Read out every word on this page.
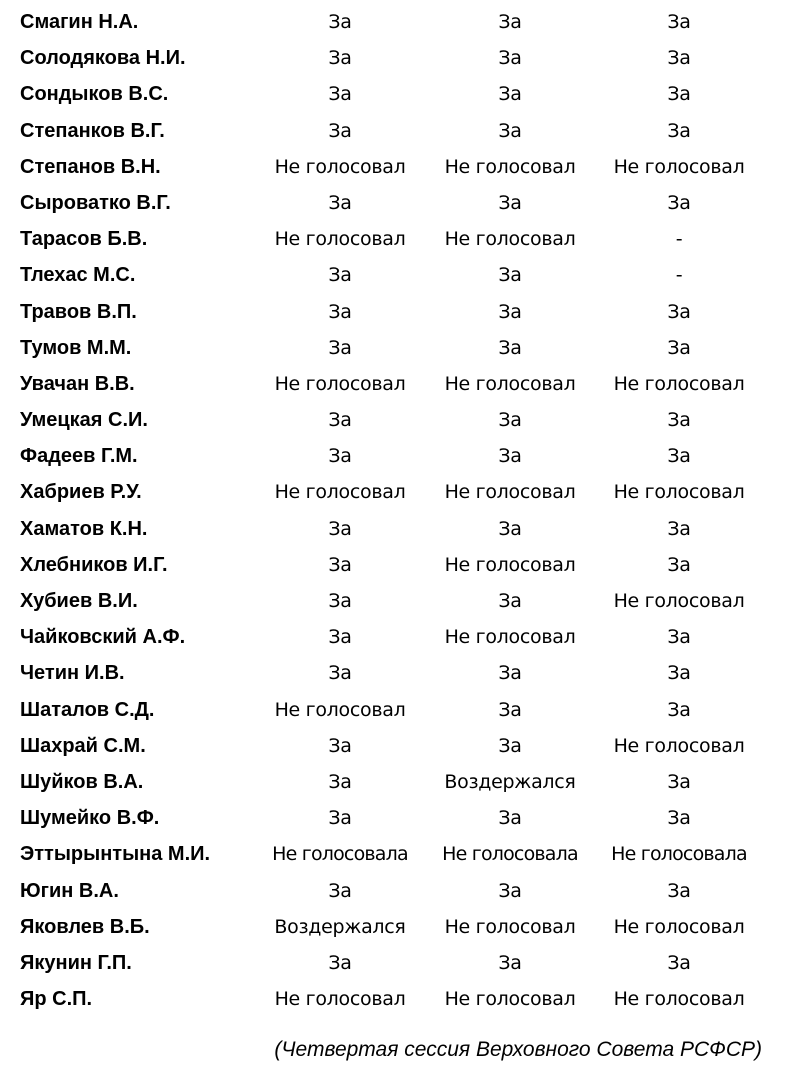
Смагин Н.А.	За	За	За
Солодякова Н.И.	За	За	За
Сондыков В.С.	За	За	За
Степанков В.Г.	За	За	За
Степанов В.Н.	Не голосовал	Не голосовал	Не голосовал
Сыроватко В.Г.	За	За	За
Тарасов Б.В.	Не голосовал	Не голосовал	-
Тлехас М.С.	За	За	-
Травов В.П.	За	За	За
Тумов М.М.	За	За	За
Увачан В.В.	Не голосовал	Не голосовал	Не голосовал
Умецкая С.И.	За	За	За
Фадеев Г.М.	За	За	За
Хабриев Р.У.	Не голосовал	Не голосовал	Не голосовал
Хаматов К.Н.	За	За	За
Хлебников И.Г.	За	Не голосовал	За
Хубиев В.И.	За	За	Не голосовал
Чайковский А.Ф.	За	Не голосовал	За
Четин И.В.	За	За	За
Шаталов С.Д.	Не голосовал	За	За
Шахрай С.М.	За	За	Не голосовал
Шуйков В.А.	За	Воздержался	За
Шумейко В.Ф.	За	За	За
Эттырынтына М.И.	Не голосовала	Не голосовала	Не голосовала
Югин В.А.	За	За	За
Яковлев В.Б.	Воздержался	Не голосовал	Не голосовал
Якунин Г.П.	За	За	За
Яр С.П.	Не голосовал	Не голосовал	Не голосовал
(Четвертая сессия Верховного Совета РСФСР)
